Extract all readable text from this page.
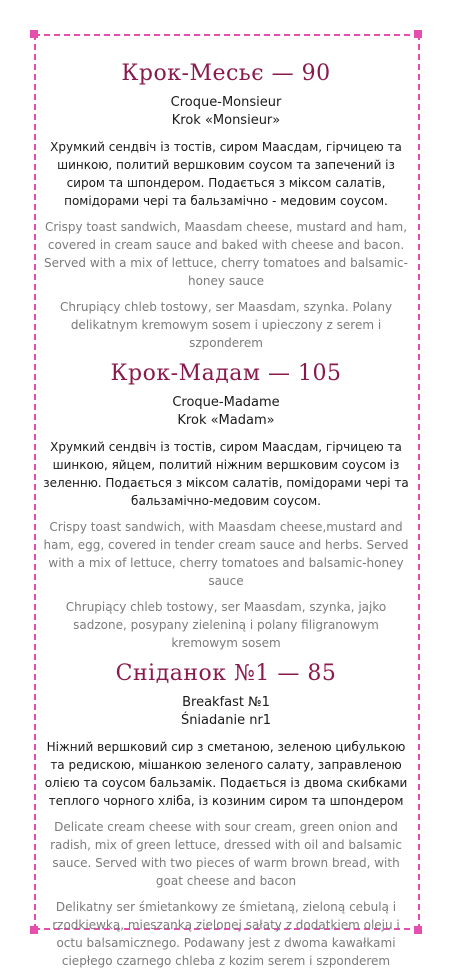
Крок-Месьє — 90
Croque-Monsieur
Krok «Monsieur»
Хрумкий сендвіч із тостів, сиром Маасдам, гірчицею та шинкою, политий вершковим соусом та запечений із сиром та шпондером. Подається з міксом салатів, помідорами чері та бальзамічно - медовим соусом.
Crispy toast sandwich, Maasdam cheese, mustard and ham, covered in cream sauce and baked with cheese and bacon. Served with a mix of lettuce, cherry tomatoes and balsamic-honey sauce
Chrupiący chleb tostowy, ser Maasdam, szynka. Polany delikatnym kremowym sosem i upieczony z serem i szponderem
Крок-Мадам — 105
Croque-Madame
Krok «Madam»
Хрумкий сендвіч із тостів, сиром Маасдам, гірчицею та шинкою, яйцем, политий ніжним вершковим соусом із зеленню. Подається з міксом салатів, помідорами чері та бальзамічно-медовим соусом.
Crispy toast sandwich, with Maasdam cheese,mustard and ham, egg, covered in tender cream sauce and herbs. Served with a mix of lettuce, cherry tomatoes and balsamic-honey sauce
Chrupiący chleb tostowy, ser Maasdam, szynka, jajko sadzone, posypany zieleniną i polany filigranowym kremowym sosem
Сніданок №1 — 85
Breakfast №1
Śniadanie nr1
Ніжний вершковий сир з сметаною, зеленою цибулькою та редискою, мішанкою зеленого салату, заправленою олією та соусом бальзамік. Подається із двома скибками теплого чорного хліба, із козиним сиром та шпондером
Delicate cream cheese with sour cream, green onion and radish, mix of green lettuce, dressed with oil and balsamic sauce. Served with two pieces of warm brown bread, with goat cheese and bacon
Delikatny ser śmietankowy ze śmietaną, zieloną cebulą i rzodkiewką, mieszanką zielonej sałaty z dodatkiem oleju i octu balsamicznego. Podawany jest z dwoma kawałkami ciepłego czarnego chleba z kozim serem i szponderem
